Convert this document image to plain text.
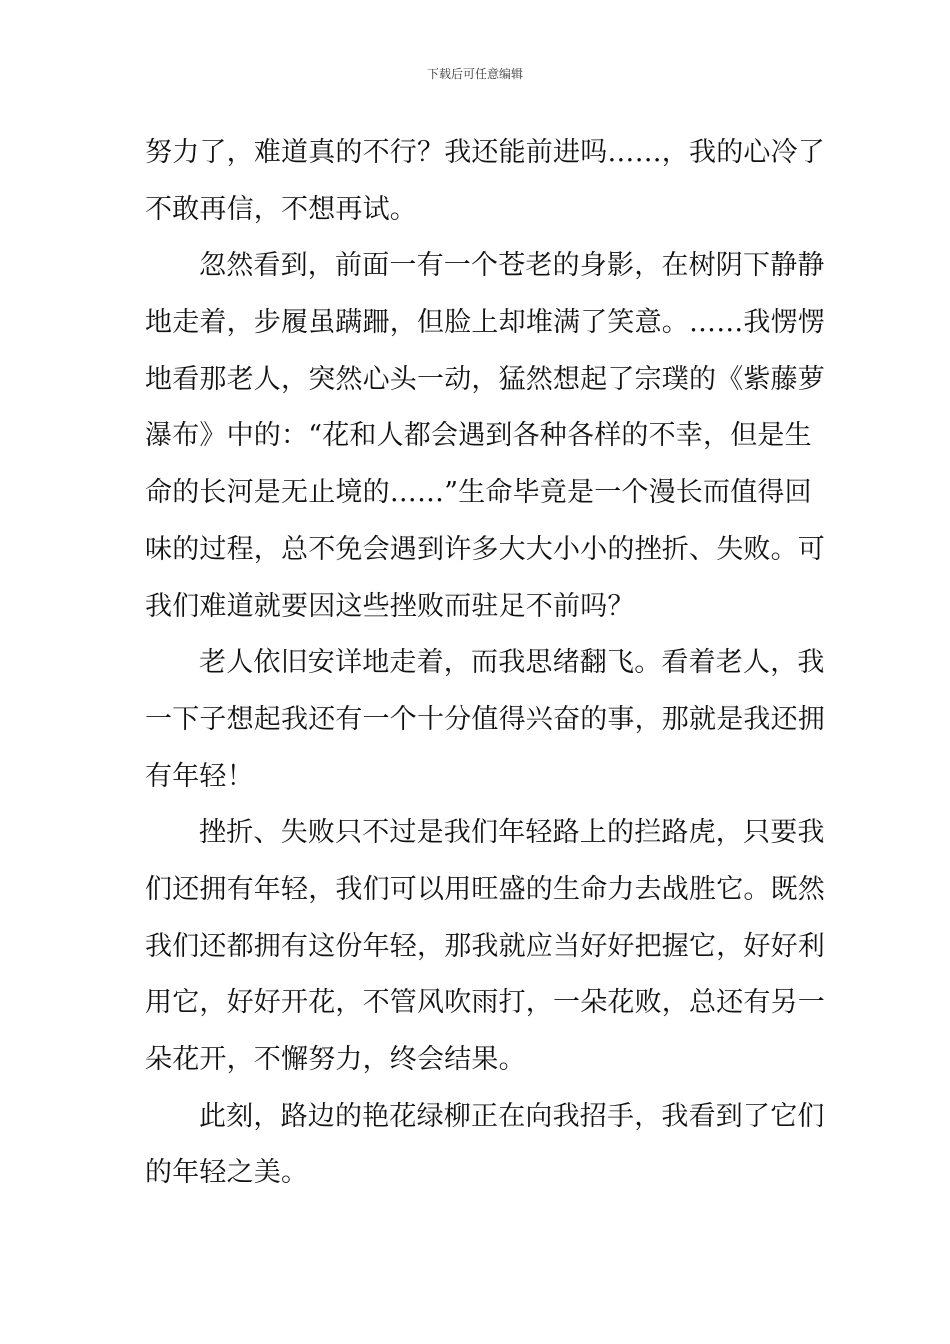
下载后可任意编辑
努力了，难道真的不行？我还能前进吗……，我的心冷了
不敢再信，不想再试。
忽然看到，前面一有一个苍老的身影，在树阴下静静
地走着，步履虽蹒跚，但脸上却堆满了笑意。……我愣愣
地看那老人，突然心头一动，猛然想起了宗璞的《紫藤萝
瀑布》中的：“花和人都会遇到各种各样的不幸，但是生
命的长河是无止境的……”生命毕竟是一个漫长而值得回
味的过程，总不免会遇到许多大大小小的挫折、失败。可
我们难道就要因这些挫败而驻足不前吗？
老人依旧安详地走着，而我思绪翻飞。看着老人，我
一下子想起我还有一个十分值得兴奋的事，那就是我还拥
有年轻！
挫折、失败只不过是我们年轻路上的拦路虎，只要我
们还拥有年轻，我们可以用旺盛的生命力去战胜它。既然
我们还都拥有这份年轻，那我就应当好好把握它，好好利
用它，好好开花，不管风吹雨打，一朵花败，总还有另一
朵花开，不懈努力，终会结果。
此刻，路边的艳花绿柳正在向我招手，我看到了它们
的年轻之美。
